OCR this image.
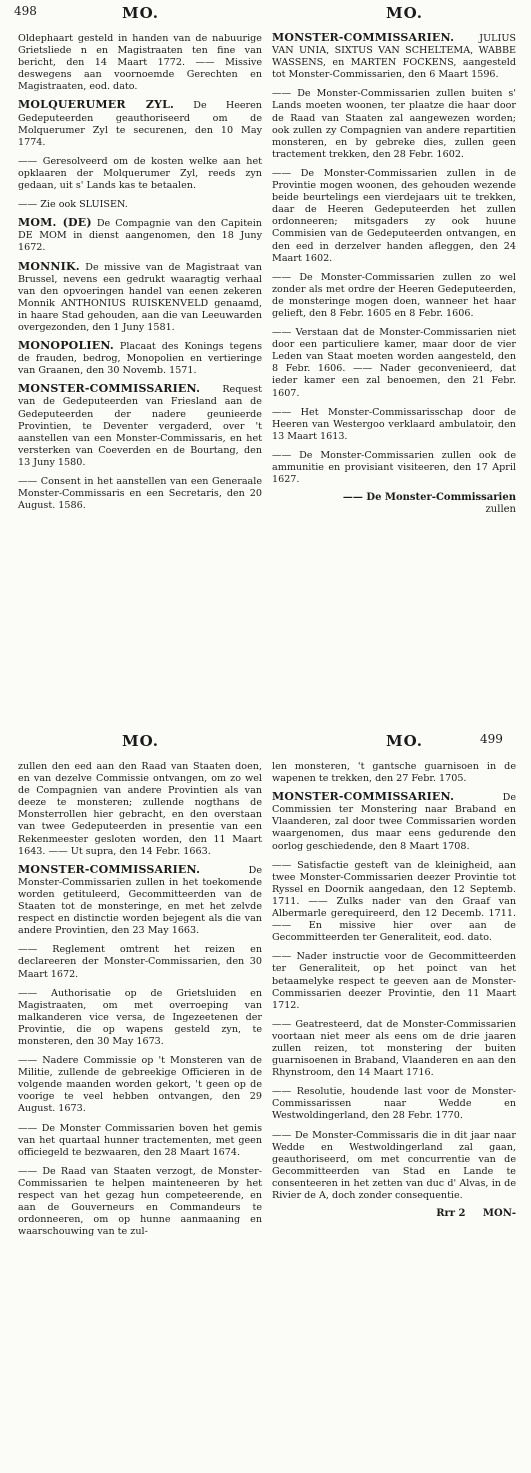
498	MO.	MO.
Oldephaart gesteld in handen van de nabuurige Grietsliede n en Magistraaten ten fine van bericht, den 14 Maart 1772. —— Missive deswegens aan voornoemde Gerechten en Magistraaten, eod. dato.
MOLQUERUMER ZYL. De Heeren Gedeputeerden geauthoriseerd om de Molquerumer Zyl te securenen, den 10 May 1774.
—— Geresolveerd om de kosten welke aan het opklaaren der Molquerumer Zyl, reeds zyn gedaan, uit s' Lands kas te betaalen.
—— Zie ook SLUISEN.
MOM. (DE) De Compagnie van den Capitein DE MOM in dienst aangenomen, den 18 Juny 1672.
MONNIK. De missive van de Magistraat van Brussel, nevens een gedrukt waaragtig verhaal van den opvoeringen handel van eenen zekeren Monnik ANTHONIUS RUISKENVELD genaamd, in haare Stad gehouden, aan die van Leeuwarden overgezonden, den 1 Juny 1581.
MONOPOLIEN. Placaat des Konings tegens de frauden, bedrog, Monopolien en vertieringe van Graanen, den 30 Novemb. 1571.
MONSTER-COMMISSARIEN. Request van de Gedeputeerden van Friesland aan de Gedeputeerden der nadere geunieerde Provintien, te Deventer vergaderd, over 't aanstellen van een Monster-Commissaris, en het versterken van Coeverden en de Bourtang, den 13 Juny 1580.
—— Consent in het aanstellen van een Generaale Monster-Commissaris en een Secretaris, den 20 August. 1586.
MONSTER-COMMISSARIEN.	JULIUS VAN UNIA, SIXTUS VAN SCHELTEMA, WABBE WASSENS, en MARTEN FOCKENS, aangesteld tot Monster-Commissarien, den 6 Maart 1596.
—— De Monster-Commissarien zullen buiten s' Lands moeten woonen, ter plaatze die haar door de Raad van Staaten zal aangewezen worden; ook zullen zy Compagnien van andere repartitien monsteren, en by gebreke dies, zullen geen tractement trekken, den 28 Febr. 1602.
—— De Monster-Commissarien zullen in de Provintie mogen woonen, des gehouden wezende beide beurtelings een vierdejaars uit te trekken, daar de Heeren Gedeputeerden het zullen ordonneeren; mitsgaders zy ook huune Commisien van de Gedeputeerden ontvangen, en den eed in derzelver handen afleggen, den 24 Maart 1602.
—— De Monster-Commissarien zullen zo wel zonder als met ordre der Heeren Gedeputeerden, de monsteringe mogen doen, wanneer het haar gelieft, den 8 Febr. 1605 en 8 Febr. 1606.
—— Verstaan dat de Monster-Commissarien niet door een particuliere kamer, maar door de vier Leden van Staat moeten worden aangesteld, den 8 Febr. 1606. —— Nader geconvenieerd, dat ieder kamer een zal benoemen, den 21 Febr. 1607.
—— Het Monster-Commissarisschap door de Heeren van Westergoo verklaard ambulatoir, den 13 Maart 1613.
—— De Monster-Commissarien zullen ook de ammunitie en provisiant visiteeren, den 17 April 1627.
—— De Monster-Commissarien
zullen
MO.	MO.	499
zullen den eed aan den Raad van Staaten doen, en van dezelve Commissie ontvangen, om zo wel de Compagnien van andere Provintien als van deeze te monsteren; zullende nogthans de Monsterrollen hier gebracht, en den overstaan van twee Gedeputeerden in presentie van een Rekenmeester gesloten worden, den 11 Maart 1643. —— Ut supra, den 14 Febr. 1663.
MONSTER-COMMISSARIEN.	De Monster-Commissarien zullen in het toekomende worden getituleerd, Gecommitteerden van de Staaten tot de monsteringe, en met het zelvde respect en distinctie worden bejegent als die van andere Provintien, den 23 May 1663.
—— Reglement omtrent het reizen en declareeren der Monster-Commissarien, den 30 Maart 1672.
—— Authorisatie op de Grietsluiden en Magistraaten, om met overroeping van malkanderen vice versa, de Ingezeetenen der Provintie, die op wapens gesteld zyn, te monsteren, den 30 May 1673.
—— Nadere Commissie op 't Monsteren van de Militie, zullende de gebreekige Officieren in de volgende maanden worden gekort, 't geen op de voorige te veel hebben ontvangen, den 29 August. 1673.
—— De Monster Commissarien boven het gemis van het quartaal hunner tractementen, met geen officiegeld te bezwaaren, den 28 Maart 1674.
—— De Raad van Staaten verzogt, de Monster-Commissarien te helpen mainteneeren by het respect van het gezag hun competeerende, en aan de Gouverneurs en Commandeurs te ordonneeren, om op hunne aanmaaning en waarschouwing van te zul-
len monsteren, 't gantsche guarnisoen in de wapenen te trekken, den 27 Febr. 1705.
MONSTER-COMMISSARIEN.	De Commissien ter Monstering naar Braband en Vlaanderen, zal door twee Commissarien worden waargenomen, dus maar eens gedurende den oorlog geschiedende, den 8 Maart 1708.
—— Satisfactie gesteft van de kleinigheid, aan twee Monster-Commissarien deezer Provintie tot Ryssel en Doornik aangedaan, den 12 Septemb. 1711. —— Zulks nader van den Graaf van Albermarle gerequireerd, den 12 Decemb. 1711. —— En missive hier over aan de Gecommitteerden ter Generaliteit, eod. dato.
—— Nader instructie voor de Gecommitteerden ter Generaliteit, op het poinct van het betaamelyke respect te geeven aan de Monster-Commissarien deezer Provintie, den 11 Maart 1712.
—— Geatresteerd, dat de Monster-Commissarien voortaan niet meer als eens om de drie jaaren zullen reizen, tot monstering der buiten guarnisoenen in Braband, Vlaanderen en aan den Rhynstroom, den 14 Maart 1716.
—— Resolutie, houdende last voor de Monster-Commissarissen naar Wedde en Westwoldingerland, den 28 Febr. 1770.
—— De Monster-Commissaris die in dit jaar naar Wedde en Westwoldingerland zal gaan, geauthoriseerd, om met concurrentie van de Gecommitteerden van Stad en Lande te consenteeren in het zetten van duc d' Alvas, in de Rivier de A, doch zonder consequentie.
Rrr 2 MON-
